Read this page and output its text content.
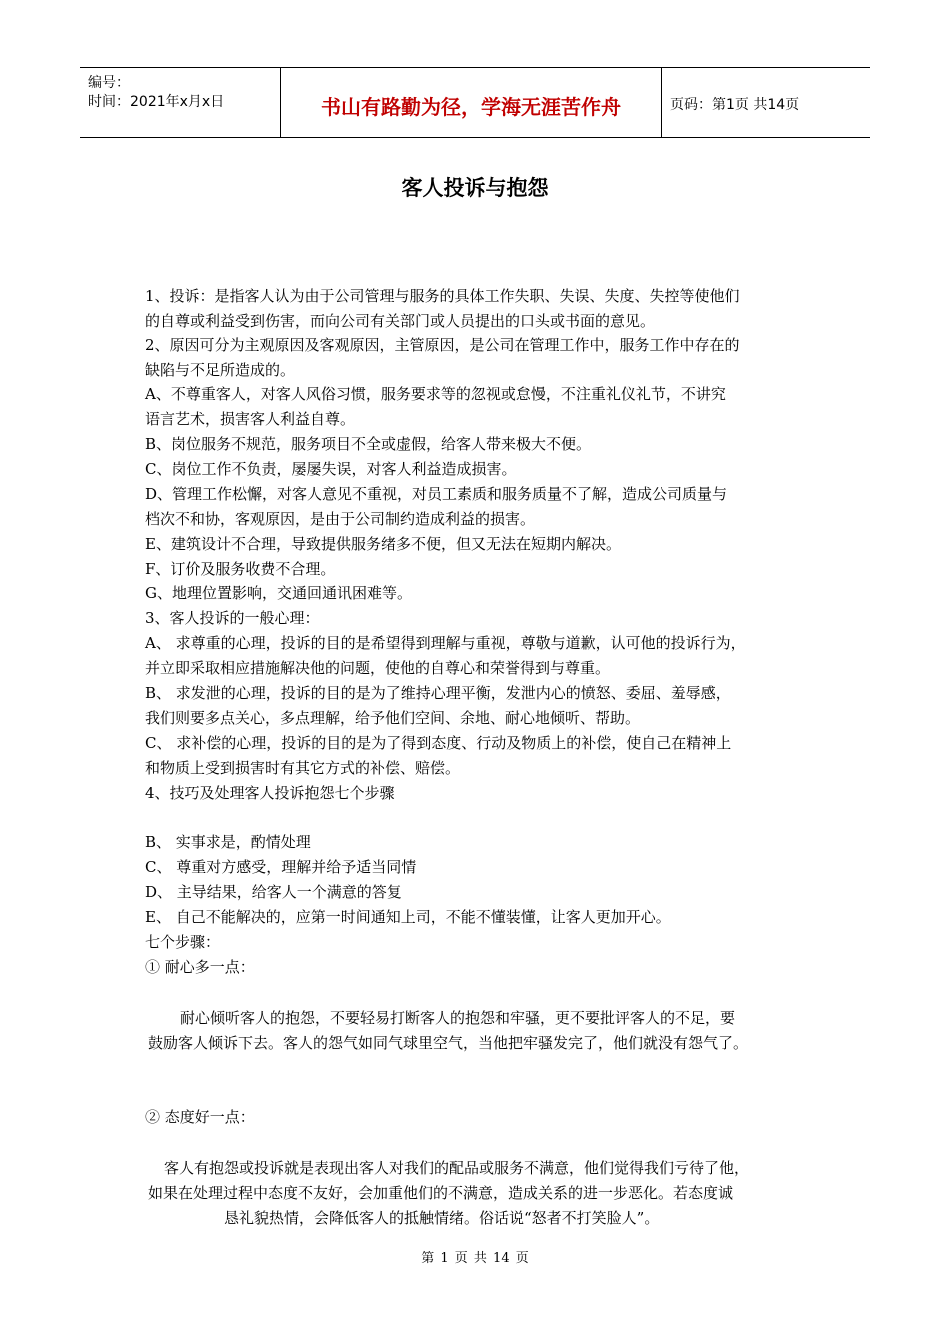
编号：
时间：2021年x月x日	书山有路勤为径，学海无涯苦作舟	页码：第1页 共14页
客人投诉与抱怨
1、投诉：是指客人认为由于公司管理与服务的具体工作失职、失误、失度、失控等使他们
的自尊或利益受到伤害，而向公司有关部门或人员提出的口头或书面的意见。
2、原因可分为主观原因及客观原因，主管原因，是公司在管理工作中，服务工作中存在的
缺陷与不足所造成的。
A、不尊重客人，对客人风俗习惯，服务要求等的忽视或怠慢，不注重礼仪礼节，不讲究
语言艺术，损害客人利益自尊。
B、岗位服务不规范，服务项目不全或虚假，给客人带来极大不便。
C、岗位工作不负责，屡屡失误，对客人利益造成损害。
D、管理工作松懈，对客人意见不重视，对员工素质和服务质量不了解，造成公司质量与
档次不和协，客观原因，是由于公司制约造成利益的损害。
E、建筑设计不合理，导致提供服务绪多不便，但又无法在短期内解决。
F、订价及服务收费不合理。
G、地理位置影响，交通回通讯困难等。
3、客人投诉的一般心理：
A、 求尊重的心理，投诉的目的是希望得到理解与重视，尊敬与道歉，认可他的投诉行为，
并立即采取相应措施解决他的问题，使他的自尊心和荣誉得到与尊重。
B、 求发泄的心理，投诉的目的是为了维持心理平衡，发泄内心的愤怒、委屈、羞辱感，
我们则要多点关心，多点理解，给予他们空间、余地、耐心地倾听、帮助。
C、 求补偿的心理，投诉的目的是为了得到态度、行动及物质上的补偿，使自己在精神上
和物质上受到损害时有其它方式的补偿、赔偿。
4、技巧及处理客人投诉抱怨七个步骤
B、 实事求是，酌情处理
C、 尊重对方感受，理解并给予适当同情
D、 主导结果，给客人一个满意的答复
E、 自己不能解决的，应第一时间通知上司，不能不懂装懂，让客人更加开心。
七个步骤：
① 耐心多一点：
耐心倾听客人的抱怨，不要轻易打断客人的抱怨和牢骚，更不要批评客人的不足，要
鼓励客人倾诉下去。客人的怨气如同气球里空气，当他把牢骚发完了，他们就没有怨气了。
② 态度好一点：
客人有抱怨或投诉就是表现出客人对我们的配品或服务不满意，他们觉得我们亏待了他，
如果在处理过程中态度不友好，会加重他们的不满意，造成关系的进一步恶化。若态度诚
恳礼貌热情，会降低客人的抵触情绪。俗话说“怒者不打笑脸人”。
第 1 页 共 14 页
